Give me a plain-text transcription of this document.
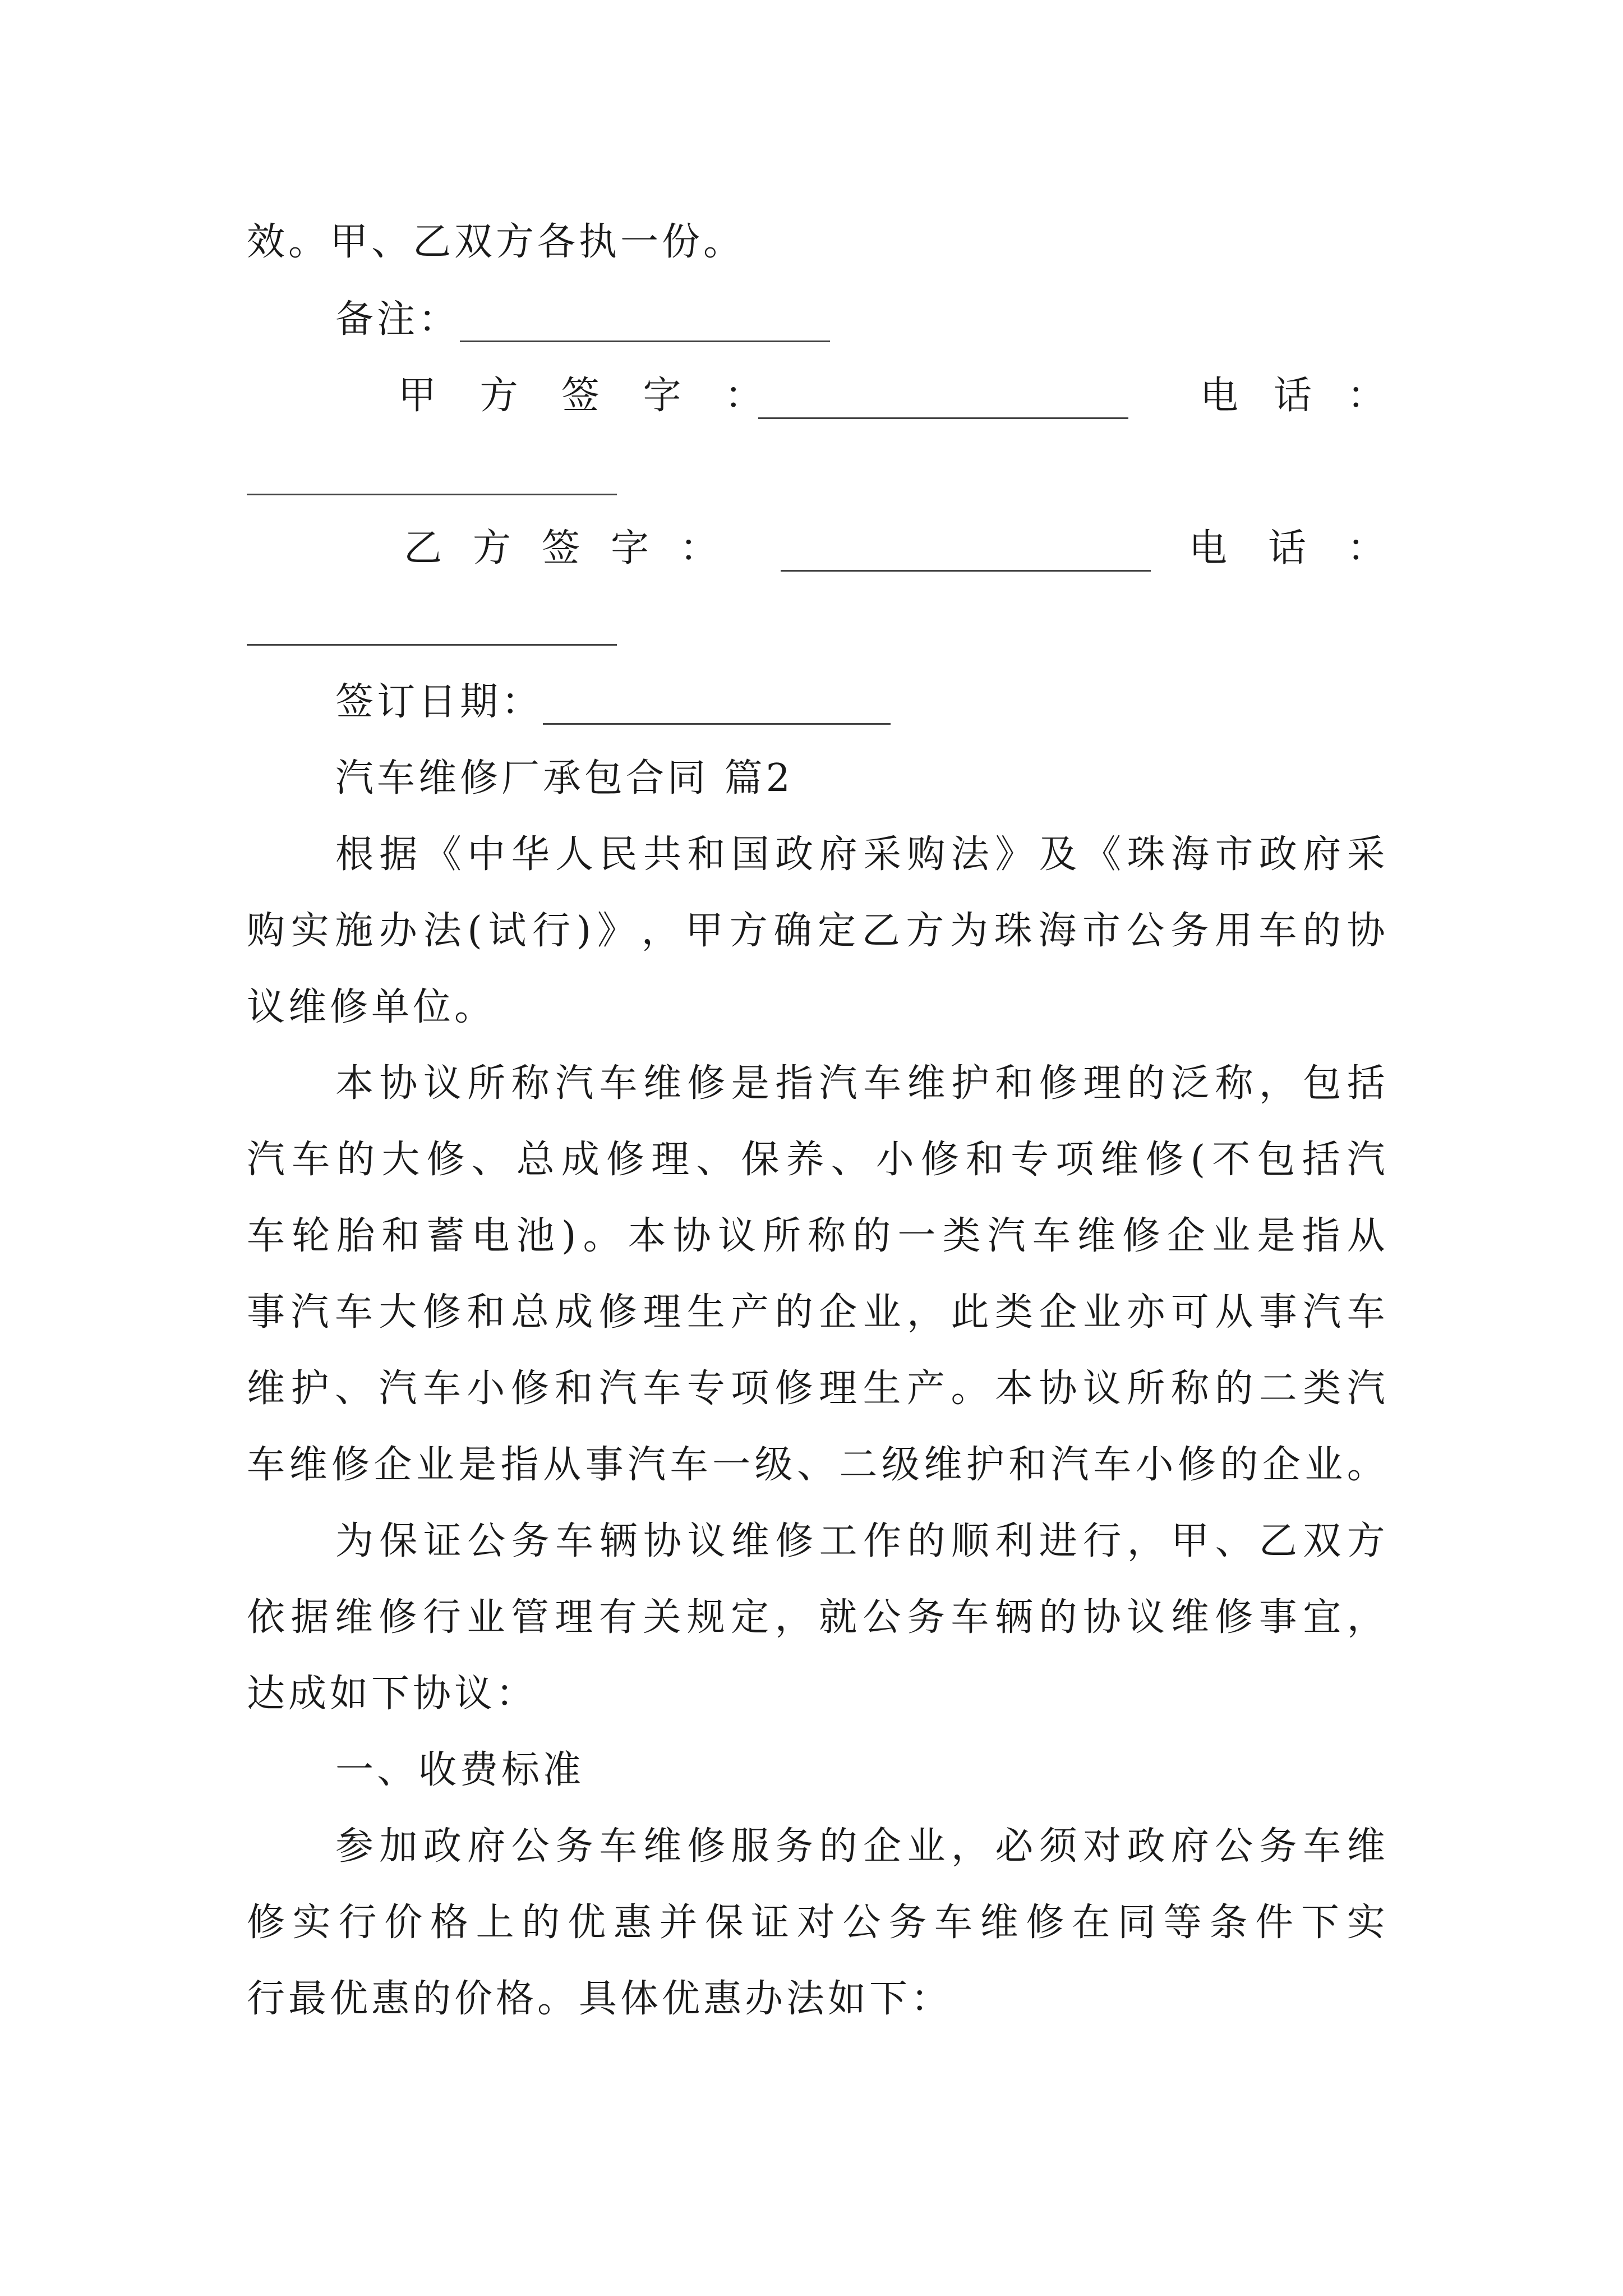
效。甲、乙双方各执一份。
备注：
甲 方 签 字 ：	电 话 ：
乙 方 签 字 ：	电 话 ：
签订日期：
汽车维修厂承包合同 篇2
根 据 《 中 华 人 民 共 和 国 政 府 采 购 法 》 及 《 珠 海 市 政 府 采
购 实 施 办 法 ( 试 行 ) 》 ， 甲 方 确 定 乙 方 为 珠 海 市 公 务 用 车 的 协
议维修单位。
本 协 议 所 称 汽 车 维 修 是 指 汽 车 维 护 和 修 理 的 泛 称 ， 包 括
汽 车 的 大 修 、 总 成 修 理 、 保 养 、 小 修 和 专 项 维 修 ( 不 包 括 汽
车 轮 胎 和 蓄 电 池 ) 。 本 协 议 所 称 的 一 类 汽 车 维 修 企 业 是 指 从
事 汽 车 大 修 和 总 成 修 理 生 产 的 企 业 ， 此 类 企 业 亦 可 从 事 汽 车
维 护 、 汽 车 小 修 和 汽 车 专 项 修 理 生 产 。 本 协 议 所 称 的 二 类 汽
车 维 修 企 业 是 指 从 事 汽 车 一 级 、 二 级 维 护 和 汽 车 小 修 的 企 业 。
为 保 证 公 务 车 辆 协 议 维 修 工 作 的 顺 利 进 行 ， 甲 、 乙 双 方
依 据 维 修 行 业 管 理 有 关 规 定 ， 就 公 务 车 辆 的 协 议 维 修 事 宜 ，
达成如下协议：
一、收费标准
参 加 政 府 公 务 车 维 修 服 务 的 企 业 ， 必 须 对 政 府 公 务 车 维
修 实 行 价 格 上 的 优 惠 并 保 证 对 公 务 车 维 修 在 同 等 条 件 下 实
行最优惠的价格。具体优惠办法如下：
